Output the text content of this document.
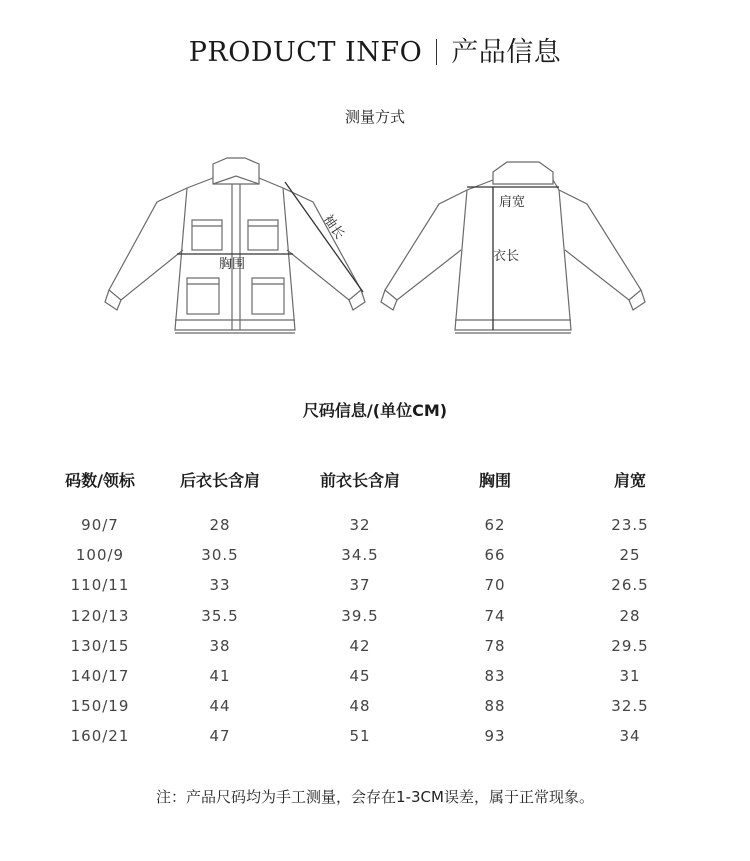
PRODUCT INFO 产品信息
测量方式
袖长
胸围
肩宽
衣长
尺码信息/(单位CM)
码数/领标	后衣长含肩	前衣长含肩	胸围	肩宽

90/7	28	32	62	23.5
100/9	30.5	34.5	66	25
110/11	33	37	70	26.5
120/13	35.5	39.5	74	28
130/15	38	42	78	29.5
140/17	41	45	83	31
150/19	44	48	88	32.5
160/21	47	51	93	34
注：产品尺码均为手工测量，会存在1-3CM误差，属于正常现象。
